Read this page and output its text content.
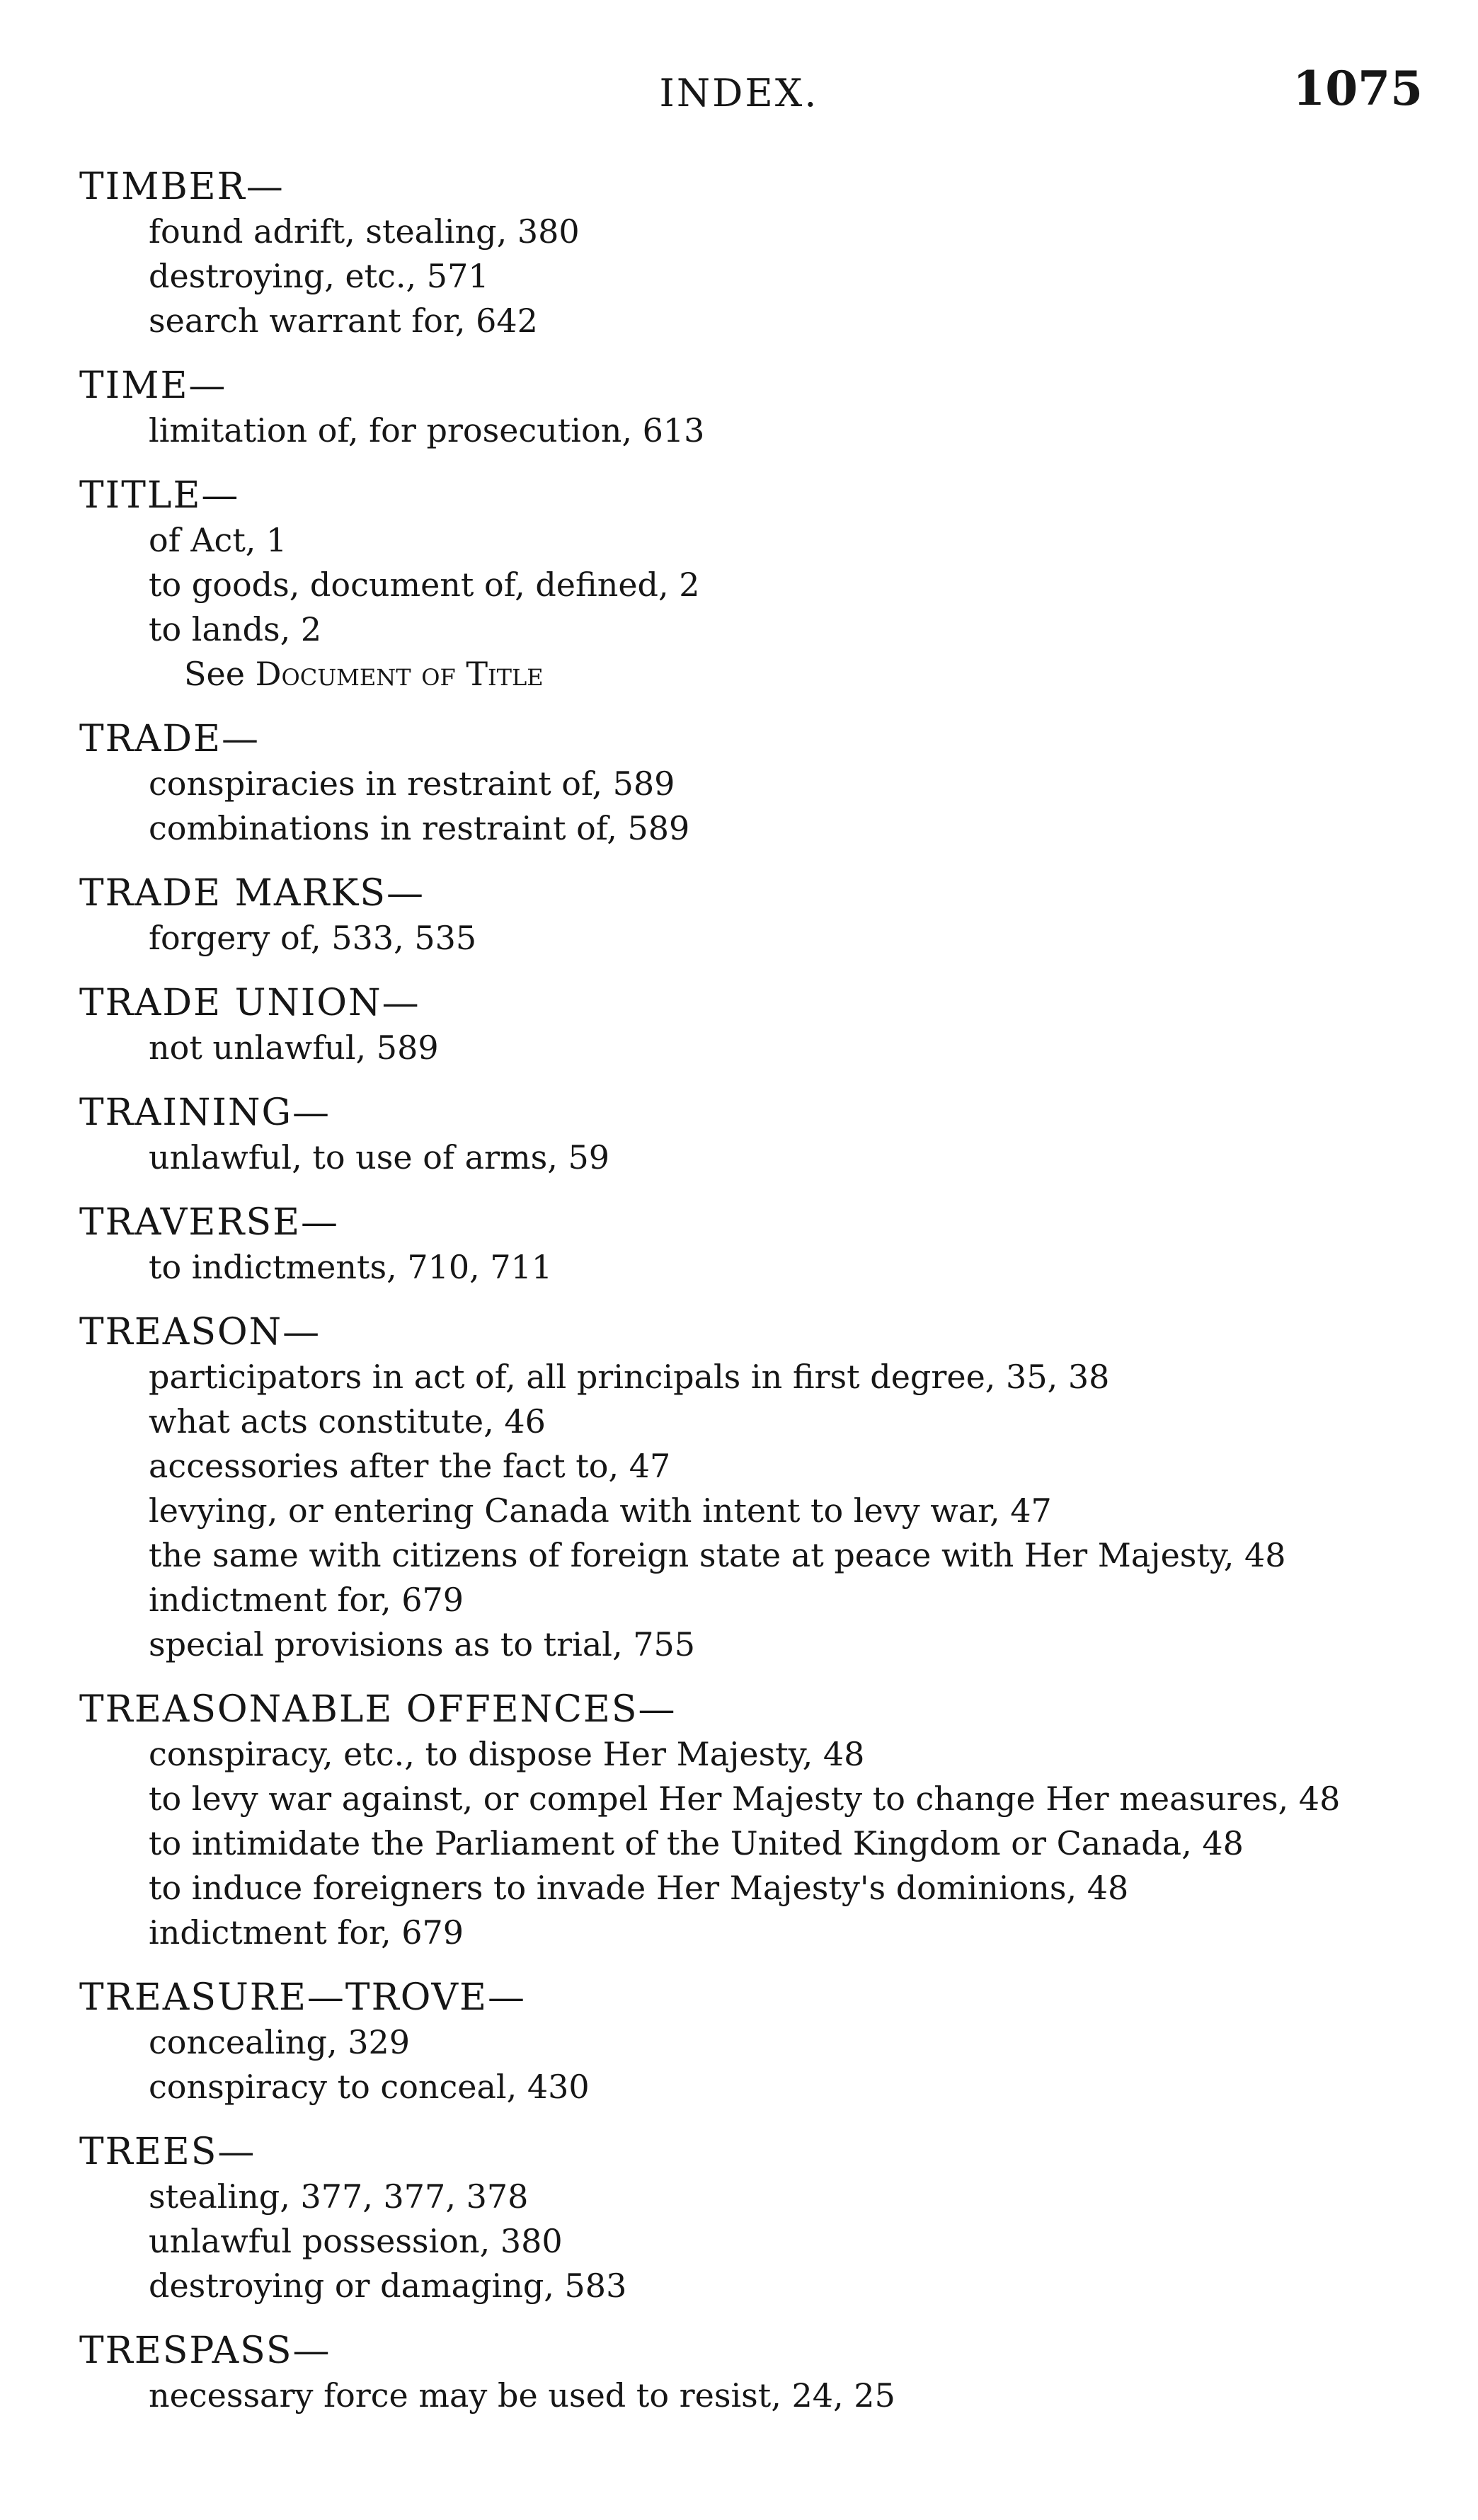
INDEX.	1075
TIMBER—
found adrift, stealing, 380
destroying, etc., 571
search warrant for, 642
TIME—
limitation of, for prosecution, 613
TITLE—
of Act, 1
to goods, document of, defined, 2
to lands, 2
See Document of Title
TRADE—
conspiracies in restraint of, 589
combinations in restraint of, 589
TRADE MARKS—
forgery of, 533, 535
TRADE UNION—
not unlawful, 589
TRAINING—
unlawful, to use of arms, 59
TRAVERSE—
to indictments, 710, 711
TREASON—
participators in act of, all principals in first degree, 35, 38
what acts constitute, 46
accessories after the fact to, 47
levying, or entering Canada with intent to levy war, 47
the same with citizens of foreign state at peace with Her Majesty, 48
indictment for, 679
special provisions as to trial, 755
TREASONABLE OFFENCES—
conspiracy, etc., to dispose Her Majesty, 48
to levy war against, or compel Her Majesty to change Her measures, 48
to intimidate the Parliament of the United Kingdom or Canada, 48
to induce foreigners to invade Her Majesty's dominions, 48
indictment for, 679
TREASURE—TROVE—
concealing, 329
conspiracy to conceal, 430
TREES—
stealing, 377, 377, 378
unlawful possession, 380
destroying or damaging, 583
TRESPASS—
necessary force may be used to resist, 24, 25
